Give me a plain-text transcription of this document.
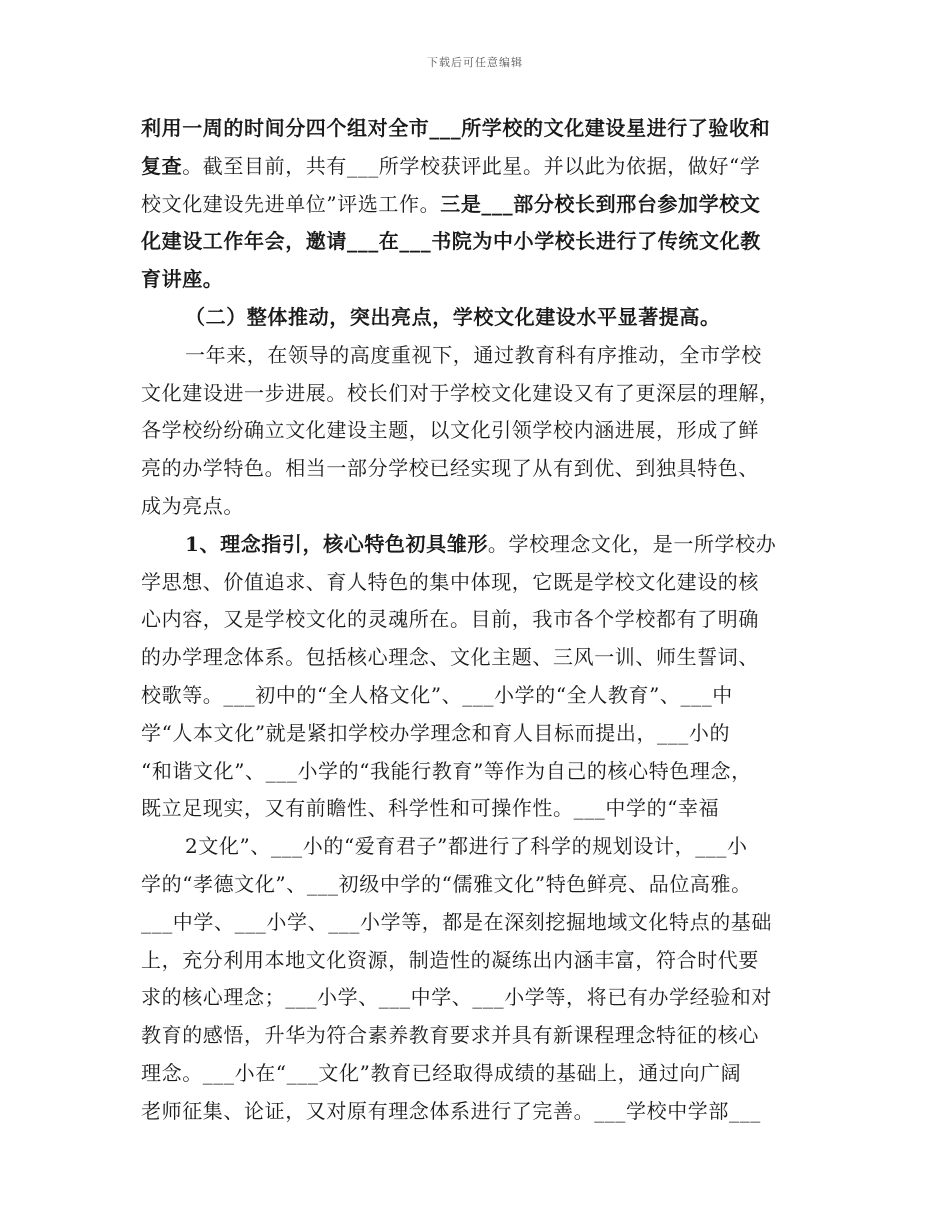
下载后可任意编辑
利用一周的时间分四个组对全市___所学校的文化建设星进行了验收和
复查。截至目前，共有___所学校获评此星。并以此为依据，做好“学
校文化建设先进单位”评选工作。三是___部分校长到邢台参加学校文
化建设工作年会，邀请___在___书院为中小学校长进行了传统文化教
育讲座。
（二）整体推动，突出亮点，学校文化建设水平显著提高。
一年来，在领导的高度重视下，通过教育科有序推动，全市学校
文化建设进一步进展。校长们对于学校文化建设又有了更深层的理解，
各学校纷纷确立文化建设主题，以文化引领学校内涵进展，形成了鲜
亮的办学特色。相当一部分学校已经实现了从有到优、到独具特色、
成为亮点。
1、理念指引，核心特色初具雏形。学校理念文化，是一所学校办
学思想、价值追求、育人特色的集中体现，它既是学校文化建设的核
心内容，又是学校文化的灵魂所在。目前，我市各个学校都有了明确
的办学理念体系。包括核心理念、文化主题、三风一训、师生誓词、
校歌等。___初中的“全人格文化”、___小学的“全人教育”、___中
学“人本文化”就是紧扣学校办学理念和育人目标而提出，___小的
“和谐文化”、___小学的“我能行教育”等作为自己的核心特色理念，
既立足现实，又有前瞻性、科学性和可操作性。___中学的“幸福
2文化”、___小的“爱育君子”都进行了科学的规划设计，___小
学的“孝德文化”、___初级中学的“儒雅文化”特色鲜亮、品位高雅。
___中学、___小学、___小学等，都是在深刻挖掘地域文化特点的基础
上，充分利用本地文化资源，制造性的凝练出内涵丰富，符合时代要
求的核心理念；___小学、___中学、___小学等，将已有办学经验和对
教育的感悟，升华为符合素养教育要求并具有新课程理念特征的核心
理念。___小在“___文化”教育已经取得成绩的基础上，通过向广阔
老师征集、论证，又对原有理念体系进行了完善。___学校中学部___
